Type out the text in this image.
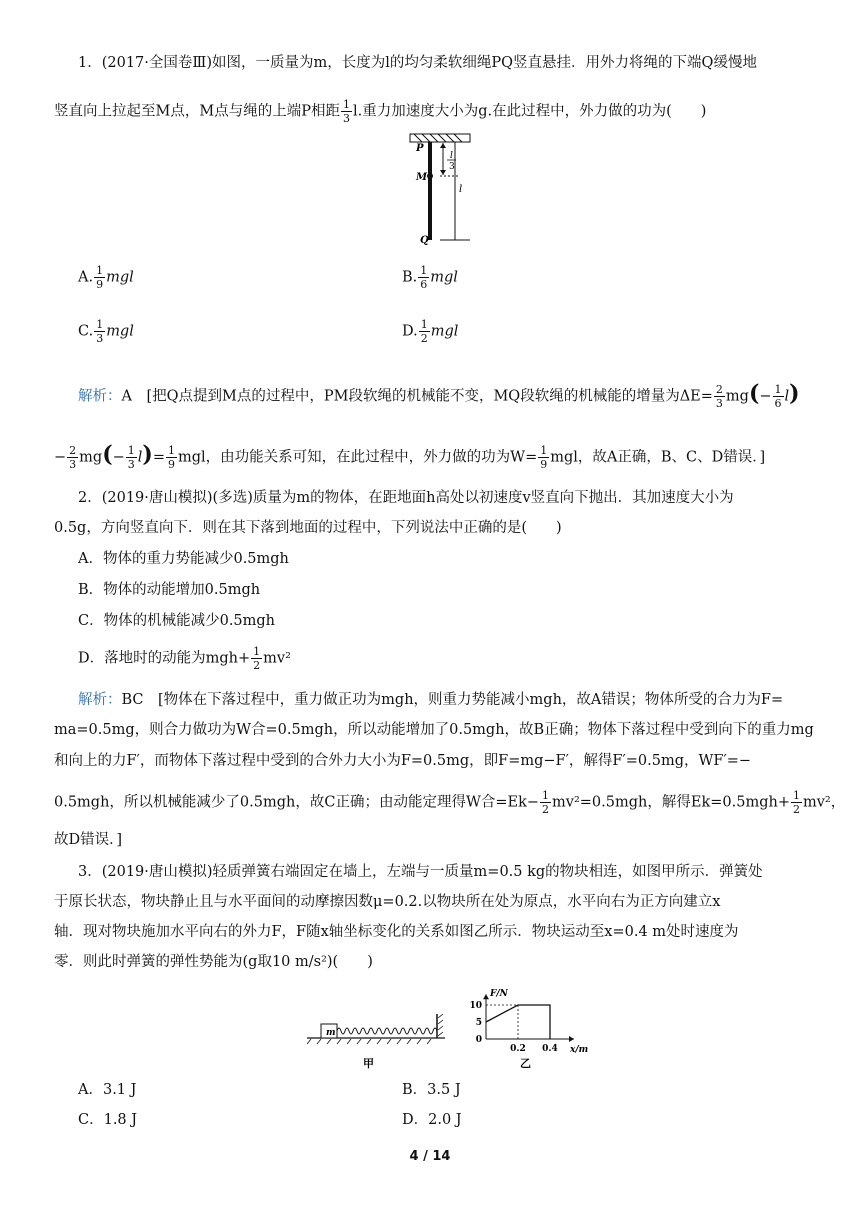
1．(2017·全国卷Ⅲ)如图，一质量为m，长度为l的均匀柔软细绳PQ竖直悬挂．用外力将绳的下端Q缓慢地
竖直向上拉起至M点，M点与绳的上端P相距 $\frac{1}{3} l$.重力加速度大小为g.在此过程中，外力做的功为(　　)
P
M
Q
l
3
l
A. $\frac{1}{9}$ mgl	B. $\frac{1}{6}$ mgl
C. $\frac{1}{3}$ mgl	D. $\frac{1}{2}$ mgl
解析：A　[把Q点提到M点的过程中，PM段软绳的机械能不变，MQ段软绳的机械能的增量为$\Delta E= \frac{2}{3} mg(- \frac{1}{6} l)$
− $\frac{2}{3} mg(- \frac{1}{3} l)= \frac{1}{9}$ mgl，由功能关系可知，在此过程中，外力做的功为$W= \frac{1}{9}$ mgl，故A正确，B、C、D错误．]
2．(2019·唐山模拟)(多选)质量为m的物体，在距地面h高处以初速度v竖直向下抛出．其加速度大小为
0.5g，方向竖直向下．则在其下落到地面的过程中，下列说法中正确的是(　　)
A．物体的重力势能减少0.5mgh
B．物体的动能增加0.5mgh
C．物体的机械能减少0.5mgh
D．落地时的动能为$mgh+ \frac{1}{2} mv^2$
解析：BC　[物体在下落过程中，重力做正功为mgh，则重力势能减小mgh，故A错误；物体所受的合力为F=
ma=0.5mg，则合力做功为W合=0.5mgh，所以动能增加了0.5mgh，故B正确；物体下落过程中受到向下的重力mg
和向上的力F′，而物体下落过程中受到的合外力大小为F=0.5mg，即F=mg−F′，解得F′=0.5mg，WF′=−
0.5mgh，所以机械能减少了0.5mgh，故C正确；由动能定理得W合$=Ek- \frac{1}{2} mv^2=0.5mgh$，解得$Ek=0.5mgh+ \frac{1}{2} mv^2$，
故D错误．]
3．(2019·唐山模拟)轻质弹簧右端固定在墙上，左端与一质量m=0.5 kg的物块相连，如图甲所示．弹簧处
于原长状态，物块静止且与水平面间的动摩擦因数μ=0.2.以物块所在处为原点，水平向右为正方向建立x
轴．现对物块施加水平向右的外力F，F随x轴坐标变化的关系如图乙所示．物块运动至x=0.4 m处时速度为
零．则此时弹簧的弹性势能为(g取10 m/s²)(　　)
m
甲
F/N
x/m
10
5
0
0.2 0.4
乙
A．3.1 J	B．3.5 J
C．1.8 J	D．2.0 J
4 / 14
